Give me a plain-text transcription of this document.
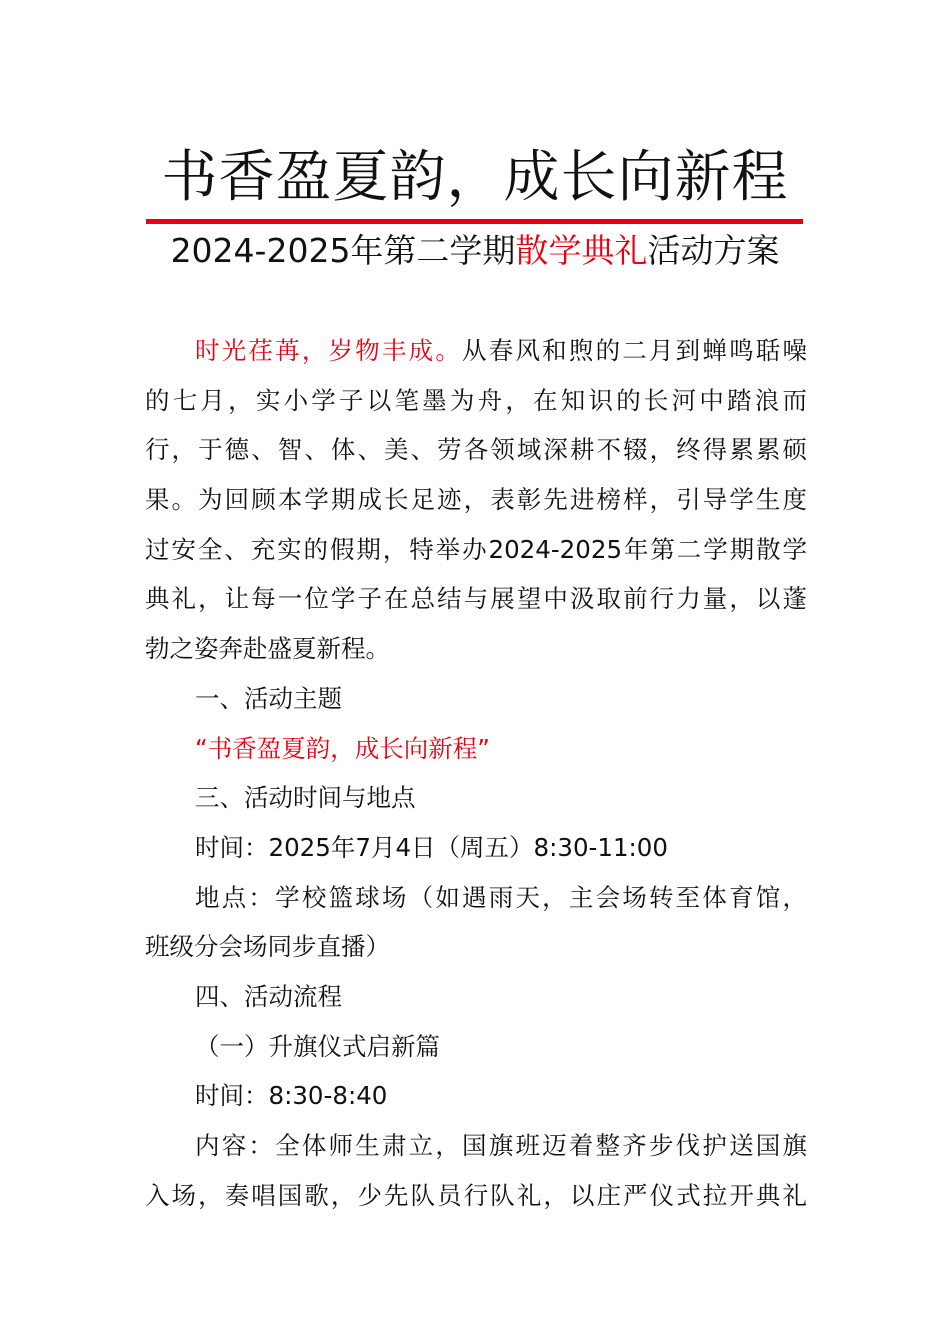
书香盈夏韵，成长向新程
2024-2025年第二学期散学典礼活动方案
时光荏苒，岁物丰成。从春风和煦的二月到蝉鸣聒噪
的七月，实小学子以笔墨为舟，在知识的长河中踏浪而
行，于德、智、体、美、劳各领域深耕不辍，终得累累硕
果。为回顾本学期成长足迹，表彰先进榜样，引导学生度
过安全、充实的假期，特举办2024-2025年第二学期散学
典礼，让每一位学子在总结与展望中汲取前行力量，以蓬
勃之姿奔赴盛夏新程。
一、活动主题
“书香盈夏韵，成长向新程”
三、活动时间与地点
时间：2025年7月4日（周五）8:30-11:00
地点：学校篮球场（如遇雨天，主会场转至体育馆，
班级分会场同步直播）
四、活动流程
（一）升旗仪式启新篇
时间：8:30-8:40
内容：全体师生肃立，国旗班迈着整齐步伐护送国旗
入场，奏唱国歌，少先队员行队礼，以庄严仪式拉开典礼
